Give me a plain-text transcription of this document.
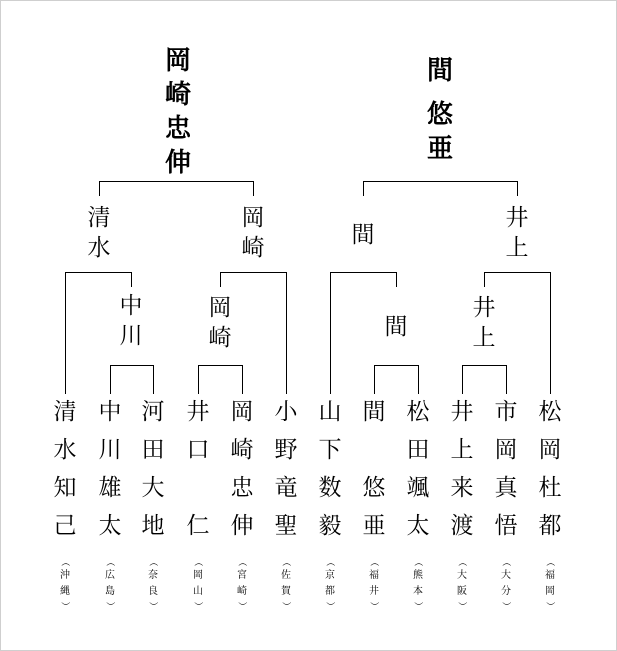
岡
崎
忠
伸
間

悠
亜
清
水
岡
崎	間
井
上
中
川
岡
崎	間
井
上
清
水
知
己
（
沖
縄
）
中
川
雄
太
（
広
島
）
河
田
大
地
（
奈
良
）
井
口

仁
（
岡
山
）
岡
崎
忠
伸
（
宮
崎
）
小
野
竜
聖
（
佐
賀
）
山
下
数
毅
（
京
都
）
間

悠
亜
（
福
井
）
松
田
颯
太
（
熊
本
）
井
上
来
渡
（
大
阪
）
市
岡
真
悟
（
大
分
）
松
岡
杜
都
（
福
岡
）
